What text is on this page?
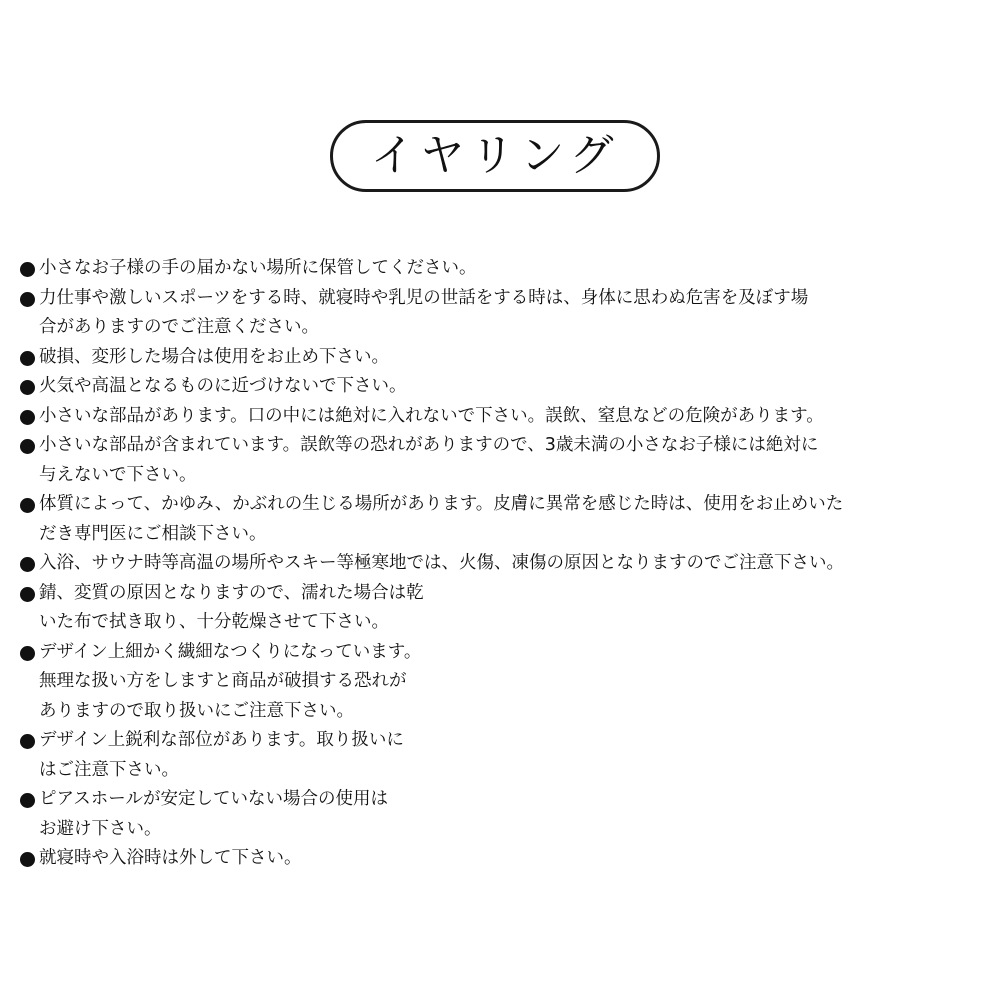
イヤリング
小さなお子様の手の届かない場所に保管してください。
力仕事や激しいスポーツをする時、就寝時や乳児の世話をする時は、身体に思わぬ危害を及ぼす場
合がありますのでご注意ください。
破損、変形した場合は使用をお止め下さい。
火気や高温となるものに近づけないで下さい。
小さいな部品があります。口の中には絶対に入れないで下さい。誤飲、窒息などの危険があります。
小さいな部品が含まれています。誤飲等の恐れがありますので、3歳未満の小さなお子様には絶対に
与えないで下さい。
体質によって、かゆみ、かぶれの生じる場所があります。皮膚に異常を感じた時は、使用をお止めいた
だき専門医にご相談下さい。
入浴、サウナ時等高温の場所やスキー等極寒地では、火傷、凍傷の原因となりますのでご注意下さい。
錆、変質の原因となりますので、濡れた場合は乾
いた布で拭き取り、十分乾燥させて下さい。
デザイン上細かく繊細なつくりになっています。
無理な扱い方をしますと商品が破損する恐れが
ありますので取り扱いにご注意下さい。
デザイン上鋭利な部位があります。取り扱いに
はご注意下さい。
ピアスホールが安定していない場合の使用は
お避け下さい。
就寝時や入浴時は外して下さい。
